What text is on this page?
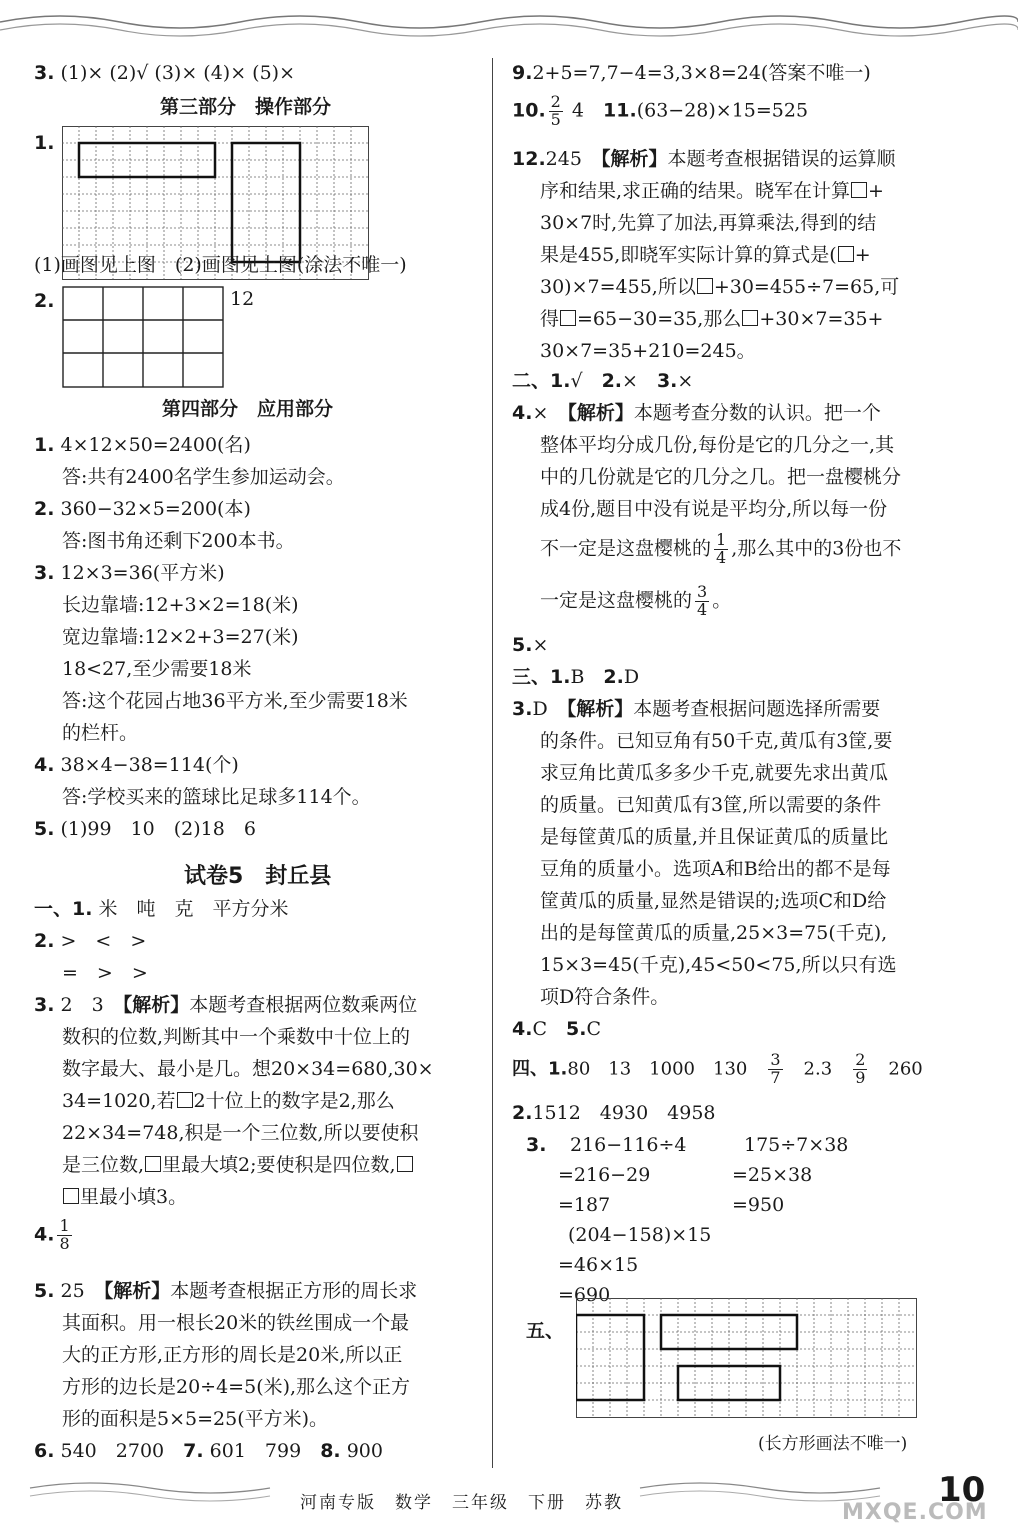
3. (1)× (2)√ (3)× (4)× (5)×
第三部分　操作部分
1.
(1)画图见上图　(2)画图见上图(涂法不唯一)
2.	12
第四部分　应用部分
1. 4×12×50=2400(名)
答:共有2400名学生参加运动会。
2. 360−32×5=200(本)
答:图书角还剩下200本书。
3. 12×3=36(平方米)
长边靠墙:12+3×2=18(米)
宽边靠墙:12×2+3=27(米)
18<27,至少需要18米
答:这个花园占地36平方米,至少需要18米
的栏杆。
4. 38×4−38=114(个)
答:学校买来的篮球比足球多114个。
5. (1)99　10　(2)18　6
试卷5　封丘县
一、1. 米　吨　克　平方分米
2. >　<　>
=　>　>
3. 2　3　【解析】本题考查根据两位数乘两位
数积的位数,判断其中一个乘数中十位上的
数字最大、最小是几。想20×34=680,30×
34=1020,若 2十位上的数字是2,那么
22×34=748,积是一个三位数,所以要使积
是三位数, 里最大填2;要使积是四位数,
里最小填3。
4. $\frac{1}{8}$
5. 25　【解析】本题考查根据正方形的周长求
其面积。用一根长20米的铁丝围成一个最
大的正方形,正方形的周长是20米,所以正
方形的边长是20÷4=5(米),那么这个正方
形的面积是5×5=25(平方米)。
6. 540　2700　 7. 601　799　 8. 900
9.2+5=7,7−4=3,3×8=24(答案不唯一)
10. $\frac{2}{5} 4$　 11.(63−28)×15=525
12.245　【解析】本题考查根据错误的运算顺
序和结果,求正确的结果。晓军在计算 +
30×7时,先算了加法,再算乘法,得到的结
果是455,即晓军实际计算的算式是( +
30)×7=455,所以 +30=455÷7=65,可
得 =65−30=35,那么 +30×7=35+
30×7=35+210=245。
二、1.√　2.×　3.×
4.×　【解析】本题考查分数的认识。把一个
整体平均分成几份,每份是它的几分之一,其
中的几份就是它的几分之几。把一盘樱桃分
成4份,题目中没有说是平均分,所以每一份
不一定是这盘樱桃的 $\frac{1}{4}$ ,那么其中的3份也不
一定是这盘樱桃的 $\frac{3}{4}$ 。
5.×
三、1.B　2.D
3.D　【解析】本题考查根据问题选择所需要
的条件。已知豆角有50千克,黄瓜有3筐,要
求豆角比黄瓜多多少千克,就要先求出黄瓜
的质量。已知黄瓜有3筐,所以需要的条件
是每筐黄瓜的质量,并且保证黄瓜的质量比
豆角的质量小。选项A和B给出的都不是每
筐黄瓜的质量,显然是错误的;选项C和D给
出的是每筐黄瓜的质量,25×3=75(千克),
15×3=45(千克),45<50<75,所以只有选
项D符合条件。
4.C　5.C
四、1.80　13　1000　130　 $\frac{3}{7}$
　 2.3　 $\frac{2}{9}$
　 260
2.1512　4930　4958
3. 216−116÷4
=216−29
=187
175÷7×38
=25×38
=950
(204−158)×15
=46×15
=690
五、
(长方形画法不唯一)
河南专版　数学　三年级　下册　苏教	10
MXQE.COM
